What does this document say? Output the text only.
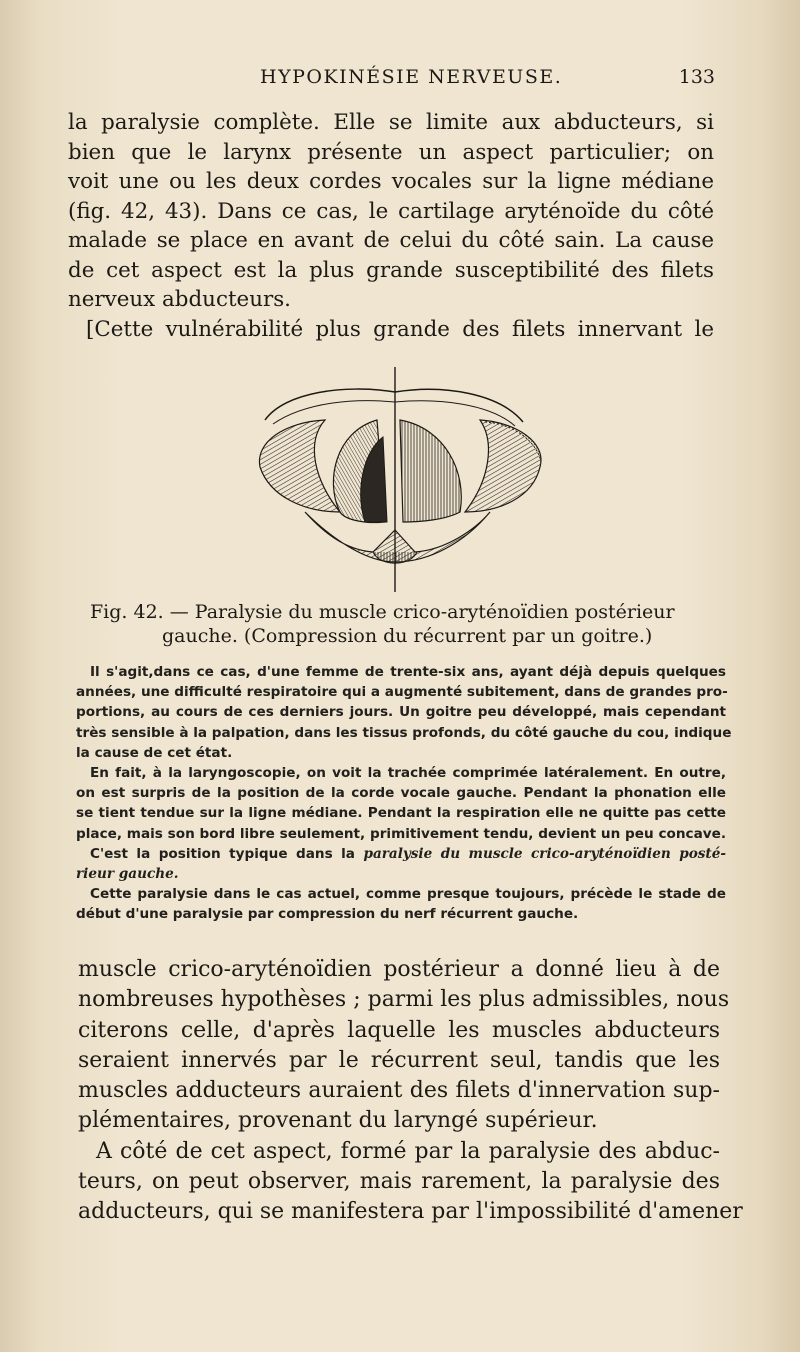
HYPOKINÉSIE NERVEUSE.	133
la paralysie complète. Elle se limite aux abducteurs, si
bien que le larynx présente un aspect particulier; on
voit une ou les deux cordes vocales sur la ligne médiane
(fig. 42, 43). Dans ce cas, le cartilage aryténoïde du côté
malade se place en avant de celui du côté sain. La cause
de cet aspect est la plus grande susceptibilité des filets
nerveux abducteurs.
[Cette vulnérabilité plus grande des filets innervant le
Fig. 42. — Paralysie du muscle crico-aryténoïdien postérieur
gauche. (Compression du récurrent par un goitre.)
Il s'agit,dans ce cas, d'une femme de trente-six ans, ayant déjà depuis quelques
années, une difficulté respiratoire qui a augmenté subitement, dans de grandes pro-
portions, au cours de ces derniers jours. Un goitre peu développé, mais cependant
très sensible à la palpation, dans les tissus profonds, du côté gauche du cou, indique
la cause de cet état.
En fait, à la laryngoscopie, on voit la trachée comprimée latéralement. En outre,
on est surpris de la position de la corde vocale gauche. Pendant la phonation elle
se tient tendue sur la ligne médiane. Pendant la respiration elle ne quitte pas cette
place, mais son bord libre seulement, primitivement tendu, devient un peu concave.
C'est la position typique dans la paralysie du muscle crico-aryténoïdien posté-
rieur gauche.
Cette paralysie dans le cas actuel, comme presque toujours, précède le stade de
début d'une paralysie par compression du nerf récurrent gauche.
muscle crico-aryténoïdien postérieur a donné lieu à de
nombreuses hypothèses ; parmi les plus admissibles, nous
citerons celle, d'après laquelle les muscles abducteurs
seraient innervés par le récurrent seul, tandis que les
muscles adducteurs auraient des filets d'innervation sup-
plémentaires, provenant du laryngé supérieur.
A côté de cet aspect, formé par la paralysie des abduc-
teurs, on peut observer, mais rarement, la paralysie des
adducteurs, qui se manifestera par l'impossibilité d'amener
